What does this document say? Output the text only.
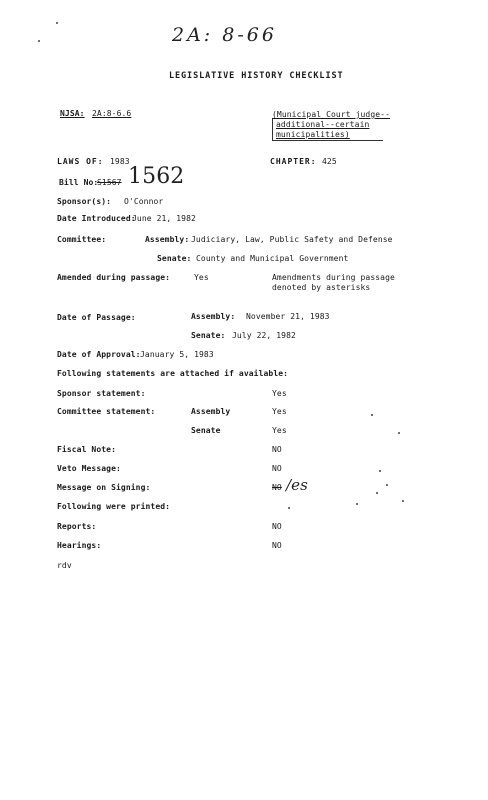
2A: 8-66
LEGISLATIVE HISTORY CHECKLIST
NJSA: 2A:8-6.6	(Municipal Court judge--
additional--certain
municipalities)
LAWS OF: 1983	CHAPTER: 425
Bill No:
S1567 1562
Sponsor(s): O'Connor
Date Introduced:
June 21, 1982
Committee:	Assembly: Judiciary, Law, Public Safety and Defense
Senate: County and Municipal Government
Amended during passage:	Yes	Amendments during passage
denoted by asterisks
Date of Passage:	Assembly: November 21, 1983
Senate: July 22, 1982
Date of Approval: January 5, 1983
Following statements are attached if available:
Sponsor statement:	Yes
Committee statement:	Assembly	Yes
Senate	Yes
Fiscal Note:	NO
Veto Message:	NO
Message on Signing:	NO /es
Following were printed:
Reports:	NO
Hearings:	NO
rdv
